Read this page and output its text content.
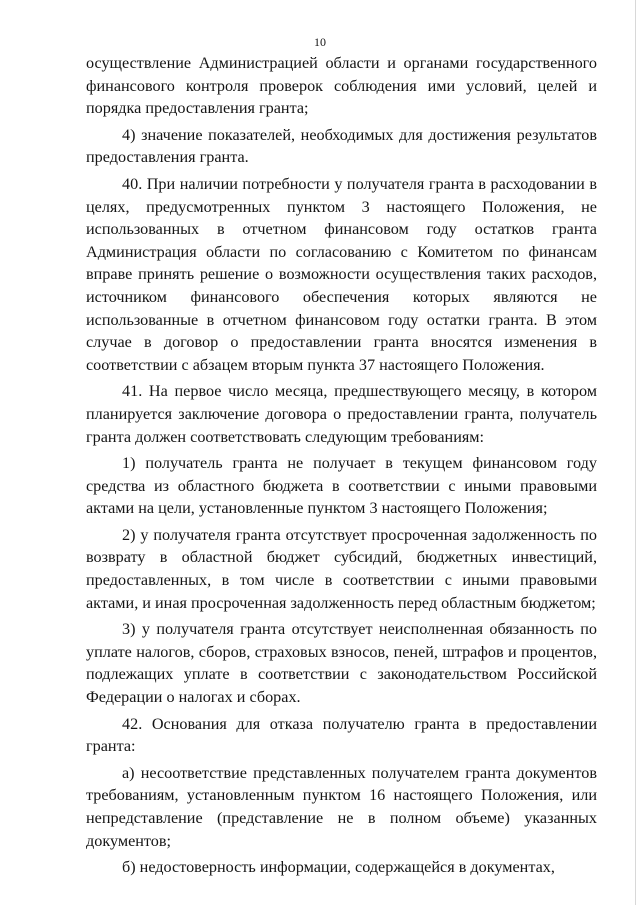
10

осуществление Администрацией области и органами государственного финансового контроля проверок соблюдения ими условий, целей и порядка предоставления гранта;

4) значение показателей, необходимых для достижения результатов предоставления гранта.

40. При наличии потребности у получателя гранта в расходовании в целях, предусмотренных пунктом 3 настоящего Положения, не использованных в отчетном финансовом году остатков гранта Администрация области по согласованию с Комитетом по финансам вправе принять решение о возможности осуществления таких расходов, источником финансового обеспечения которых являются не использованные в отчетном финансовом году остатки гранта. В этом случае в договор о предоставлении гранта вносятся изменения в соответствии с абзацем вторым пункта 37 настоящего Положения.

41. На первое число месяца, предшествующего месяцу, в котором планируется заключение договора о предоставлении гранта, получатель гранта должен соответствовать следующим требованиям:

1) получатель гранта не получает в текущем финансовом году средства из областного бюджета в соответствии с иными правовыми актами на цели, установленные пунктом 3 настоящего Положения;

2) у получателя гранта отсутствует просроченная задолженность по возврату в областной бюджет субсидий, бюджетных инвестиций, предоставленных, в том числе в соответствии с иными правовыми актами, и иная просроченная задолженность перед областным бюджетом;

3) у получателя гранта отсутствует неисполненная обязанность по уплате налогов, сборов, страховых взносов, пеней, штрафов и процентов, подлежащих уплате в соответствии с законодательством Российской Федерации о налогах и сборах.

42. Основания для отказа получателю гранта в предоставлении гранта:

а) несоответствие представленных получателем гранта документов требованиям, установленным пунктом 16 настоящего Положения, или непредставление (представление не в полном объеме) указанных документов;

б) недостоверность информации, содержащейся в документах,
